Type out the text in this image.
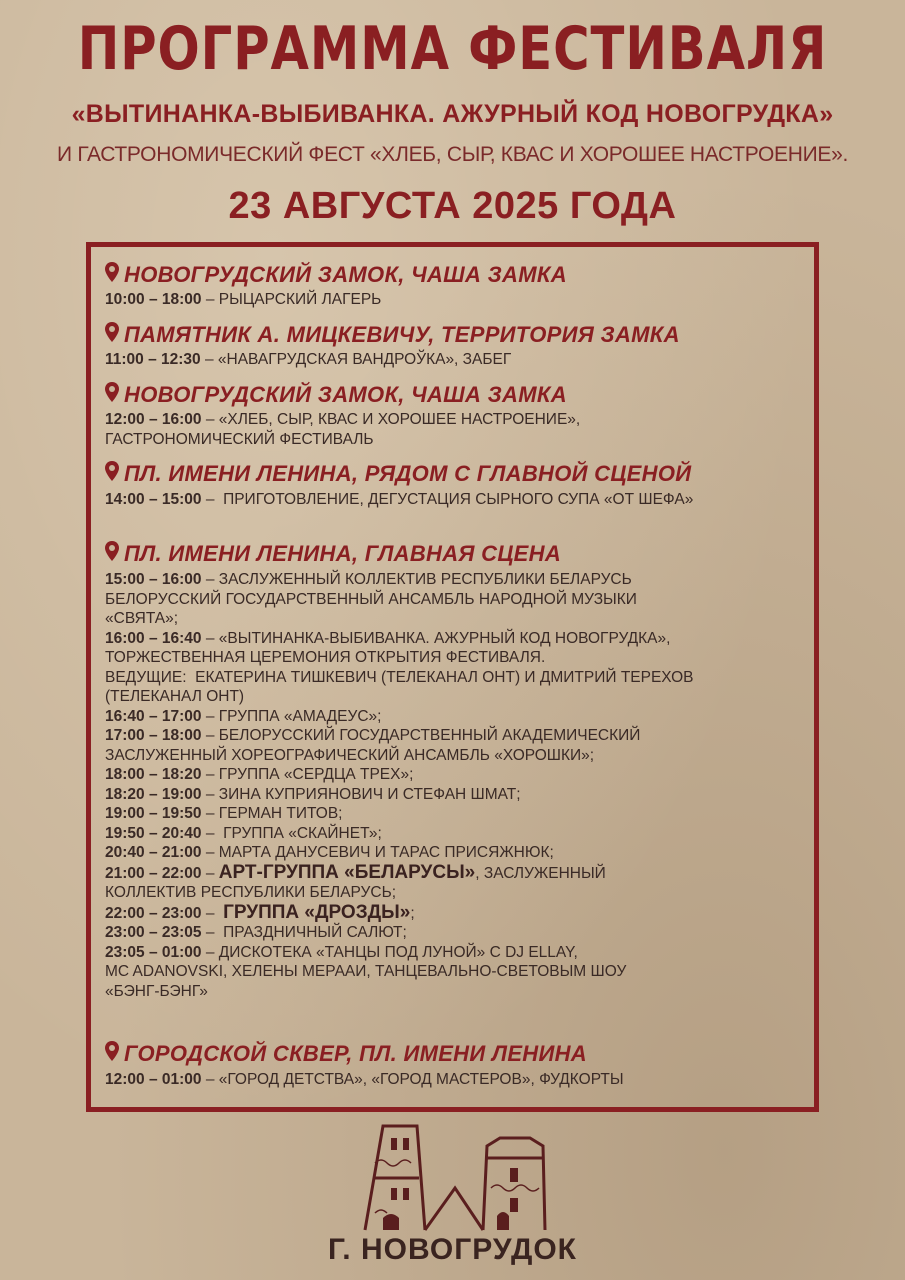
ПРОГРАММА ФЕСТИВАЛЯ
«ВЫТИНАНКА-ВЫБИВАНКА. АЖУРНЫЙ КОД НОВОГРУДКА»
И ГАСТРОНОМИЧЕСКИЙ ФЕСТ «ХЛЕБ, СЫР, КВАС И ХОРОШЕЕ НАСТРОЕНИЕ».
23 АВГУСТА 2025 ГОДА
НОВОГРУДСКИЙ ЗАМОК, ЧАША ЗАМКА
10:00 – 18:00 – РЫЦАРСКИЙ ЛАГЕРЬ
ПАМЯТНИК А. МИЦКЕВИЧУ, ТЕРРИТОРИЯ ЗАМКА
11:00 – 12:30 – «НАВАГРУДСКАЯ ВАНДРОЎКА», ЗАБЕГ
НОВОГРУДСКИЙ ЗАМОК, ЧАША ЗАМКА
12:00 – 16:00 – «ХЛЕБ, СЫР, КВАС И ХОРОШЕЕ НАСТРОЕНИЕ»,
ГАСТРОНОМИЧЕСКИЙ ФЕСТИВАЛЬ
ПЛ. ИМЕНИ ЛЕНИНА, РЯДОМ С ГЛАВНОЙ СЦЕНОЙ
14:00 – 15:00 –  ПРИГОТОВЛЕНИЕ, ДЕГУСТАЦИЯ СЫРНОГО СУПА «ОТ ШЕФА»
ПЛ. ИМЕНИ ЛЕНИНА, ГЛАВНАЯ СЦЕНА
15:00 – 16:00 – ЗАСЛУЖЕННЫЙ КОЛЛЕКТИВ РЕСПУБЛИКИ БЕЛАРУСЬ
БЕЛОРУССКИЙ ГОСУДАРСТВЕННЫЙ АНСАМБЛЬ НАРОДНОЙ МУЗЫКИ
«СВЯТА»;
16:00 – 16:40 – «ВЫТИНАНКА-ВЫБИВАНКА. АЖУРНЫЙ КОД НОВОГРУДКА»,
ТОРЖЕСТВЕННАЯ ЦЕРЕМОНИЯ ОТКРЫТИЯ ФЕСТИВАЛЯ.
ВЕДУЩИЕ:  ЕКАТЕРИНА ТИШКЕВИЧ (ТЕЛЕКАНАЛ ОНТ) И ДМИТРИЙ ТЕРЕХОВ
(ТЕЛЕКАНАЛ ОНТ)
16:40 – 17:00 – ГРУППА «АМАДЕУС»;
17:00 – 18:00 – БЕЛОРУССКИЙ ГОСУДАРСТВЕННЫЙ АКАДЕМИЧЕСКИЙ
ЗАСЛУЖЕННЫЙ ХОРЕОГРАФИЧЕСКИЙ АНСАМБЛЬ «ХОРОШКИ»;
18:00 – 18:20 – ГРУППА «СЕРДЦА ТРЕХ»;
18:20 – 19:00 – ЗИНА КУПРИЯНОВИЧ И СТЕФАН ШМАТ;
19:00 – 19:50 – ГЕРМАН ТИТОВ;
19:50 – 20:40 –  ГРУППА «СКАЙНЕТ»;
20:40 – 21:00 – МАРТА ДАНУСЕВИЧ И ТАРАС ПРИСЯЖНЮК;
21:00 – 22:00 – АРТ-ГРУППА «БЕЛАРУСЫ», ЗАСЛУЖЕННЫЙ
КОЛЛЕКТИВ РЕСПУБЛИКИ БЕЛАРУСЬ;
22:00 – 23:00 –  ГРУППА «ДРОЗДЫ»;
23:00 – 23:05 –  ПРАЗДНИЧНЫЙ САЛЮТ;
23:05 – 01:00 – ДИСКОТЕКА «ТАНЦЫ ПОД ЛУНОЙ» С DJ ELLAY,
MC ADANOVSKI, ХЕЛЕНЫ МЕРААИ, ТАНЦЕВАЛЬНО-СВЕТОВЫМ ШОУ
«БЭНГ-БЭНГ»
ГОРОДСКОЙ СКВЕР, ПЛ. ИМЕНИ ЛЕНИНА
12:00 – 01:00 – «ГОРОД ДЕТСТВА», «ГОРОД МАСТЕРОВ», ФУДКОРТЫ
Г. НОВОГРУДОК
